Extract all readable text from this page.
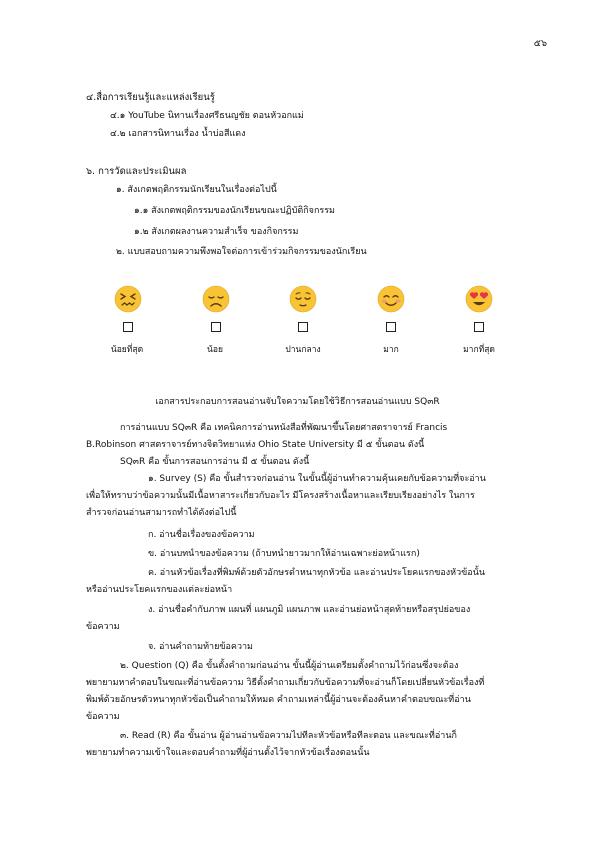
๕๖
๔.สื่อการเรียนรู้และแหล่งเรียนรู้
๔.๑ YouTube นิทานเรื่องศรีธนญชัย ตอนหัวอกแม่
๔.๒ เอกสารนิทานเรื่อง น้ำบ่อสีแดง
๖. การวัดและประเมินผล
๑. สังเกตพฤติกรรมนักเรียนในเรื่องต่อไปนี้
๑.๑ สังเกตพฤติกรรมของนักเรียนขณะปฏิบัติกิจกรรม
๑.๒ สังเกตผลงานความสำเร็จ ของกิจกรรม
๒. แบบสอบถามความพึงพอใจต่อการเข้าร่วมกิจกรรมของนักเรียน
น้อยที่สุด	น้อย	ปานกลาง	มาก	มากที่สุด
เอกสารประกอบการสอนอ่านจับใจความโดยใช้วิธีการสอนอ่านแบบ SQ๓R
การอ่านแบบ SQ๓R คือ เทคนิคการอ่านหนังสือที่พัฒนาขึ้นโดยศาสตราจารย์ Francis
B.Robinson ศาสตราจารย์ทางจิตวิทยาแห่ง Ohio State University มี ๕ ขั้นตอน ดังนี้
SQ๓R คือ ขั้นการสอนการอ่าน มี ๕ ขั้นตอน ดังนี้
๑. Survey (S) คือ ขั้นสำรวจก่อนอ่าน ในขั้นนี้ผู้อ่านทำความคุ้นเคยกับข้อความที่จะอ่าน
เพื่อให้ทราบว่าข้อความนั้นมีเนื้อหาสาระเกี่ยวกับอะไร มีโครงสร้างเนื้อหาและเรียบเรียงอย่างไร ในการ
สำรวจก่อนอ่านสามารถทำได้ดังต่อไปนี้
ก. อ่านชื่อเรื่องของข้อความ
ข. อ่านบทนำของข้อความ (ถ้าบทนำยาวมากให้อ่านเฉพาะย่อหน้าแรก)
ค. อ่านหัวข้อเรื่องที่พิมพ์ด้วยตัวอักษรดำหนาทุกหัวข้อ และอ่านประโยคแรกของหัวข้อนั้น
หรืออ่านประโยคแรกของแต่ละย่อหน้า
ง. อ่านชื่อคำกับภาพ แผนที่ แผนภูมิ แผนภาพ และอ่านย่อหน้าสุดท้ายหรือสรุปย่อของ
ข้อความ
จ. อ่านคำถามท้ายข้อความ
๒. Question (Q) คือ ขั้นตั้งคำถามก่อนอ่าน ขั้นนี้ผู้อ่านเตรียมตั้งคำถามไว้ก่อนซึ่งจะต้อง
พยายามหาคำตอบในขณะที่อ่านข้อความ วิธีตั้งคำถามเกี่ยวกับข้อความที่จะอ่านก็โดยเปลี่ยนหัวข้อเรื่องที่
พิมพ์ด้วยอักษรตัวหนาทุกหัวข้อเป็นคำถามให้หมด คำถามเหล่านี้ผู้อ่านจะต้องค้นหาคำตอบขณะที่อ่าน
ข้อความ
๓. Read (R) คือ ขั้นอ่าน ผู้อ่านอ่านข้อความไปทีละหัวข้อหรือทีละตอน และขณะที่อ่านก็
พยายามทำความเข้าใจและตอบคำถามที่ผู้อ่านตั้งไว้จากหัวข้อเรื่องตอนนั้น
